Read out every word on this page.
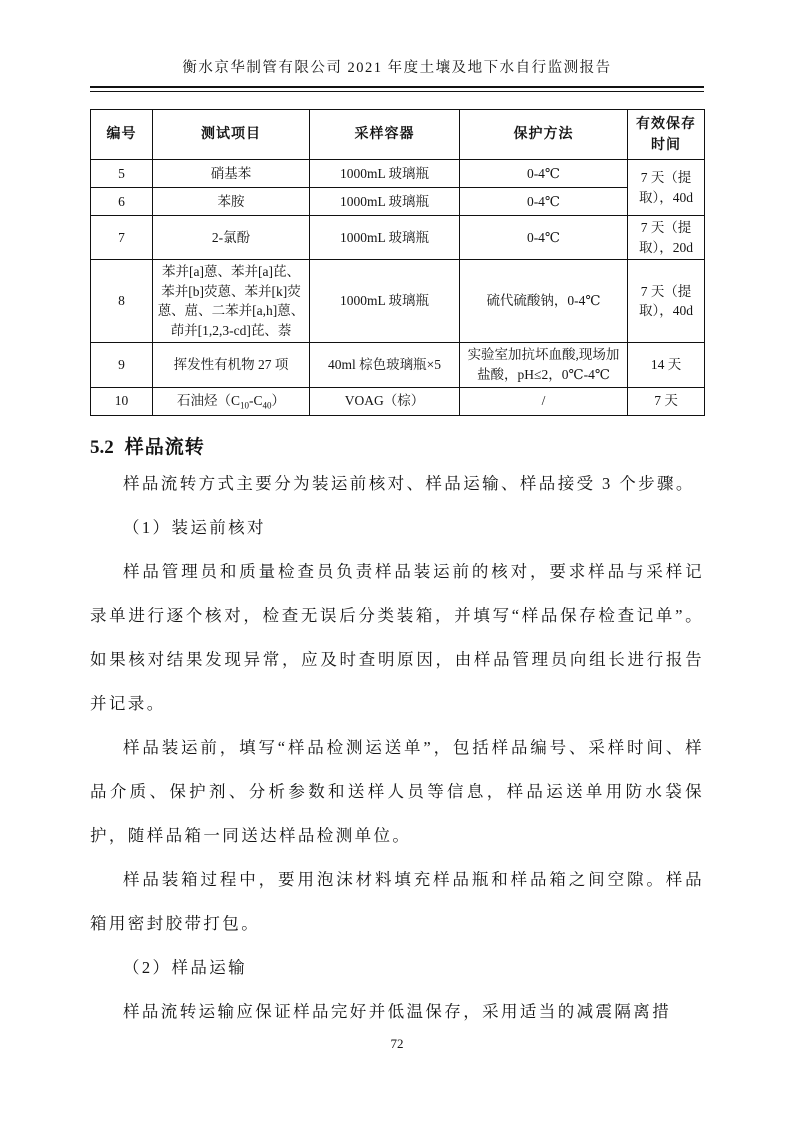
衡水京华制管有限公司 2021 年度土壤及地下水自行监测报告
编号	测试项目	采样容器	保护方法	有效保存时间
5	硝基苯	1000mL 玻璃瓶	0-4℃	7 天（提取），40d
6	苯胺	1000mL 玻璃瓶	0-4℃	
7	2-氯酚	1000mL 玻璃瓶	0-4℃	7 天（提取），20d
8	苯并[a]蒽、苯并[a]芘、苯并[b]荧蒽、苯并[k]荧蒽、䓛、二苯并[a,h]蒽、茚并[1,2,3-cd]芘、萘	1000mL 玻璃瓶	硫代硫酸钠，0-4℃	7 天（提取），40d
9	挥发性有机物 27 项	40ml 棕色玻璃瓶×5	实验室加抗坏血酸,现场加盐酸，pH≤2，0℃-4℃	14 天
10	石油烃$(C_{10}-C_{40})$	VOAG（棕）	/	7 天
5.2 样品流转

样品流转方式主要分为装运前核对、样品运输、样品接受 3 个步骤。

（1）装运前核对

样品管理员和质量检查员负责样品装运前的核对，要求样品与采样记录单进行逐个核对，检查无误后分类装箱，并填写“样品保存检查记单”。如果核对结果发现异常，应及时查明原因，由样品管理员向组长进行报告并记录。

样品装运前，填写“样品检测运送单”，包括样品编号、采样时间、样品介质、保护剂、分析参数和送样人员等信息，样品运送单用防水袋保护，随样品箱一同送达样品检测单位。

样品装箱过程中，要用泡沫材料填充样品瓶和样品箱之间空隙。样品箱用密封胶带打包。

（2）样品运输

样品流转运输应保证样品完好并低温保存，采用适当的减震隔离措

72
